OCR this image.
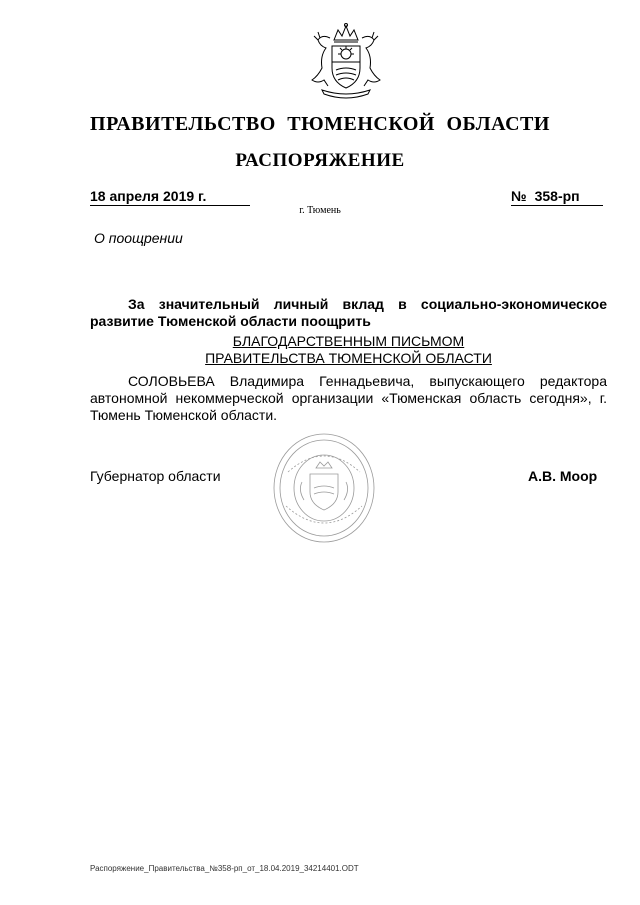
ПРАВИТЕЛЬСТВО ТЮМЕНСКОЙ ОБЛАСТИ
РАСПОРЯЖЕНИЕ
18 апреля 2019 г.	№ 358-рп
г. Тюмень
О поощрении
За значительный личный вклад в социально-экономическое развитие Тюменской области поощрить
БЛАГОДАРСТВЕННЫМ ПИСЬМОМ
ПРАВИТЕЛЬСТВА ТЮМЕНСКОЙ ОБЛАСТИ
СОЛОВЬЕВА Владимира Геннадьевича, выпускающего редактора автономной некоммерческой организации «Тюменская область сегодня», г. Тюмень Тюменской области.
Губернатор области	А.В. Моор
Распоряжение_Правительства_№358-рп_от_18.04.2019_34214401.ODT
